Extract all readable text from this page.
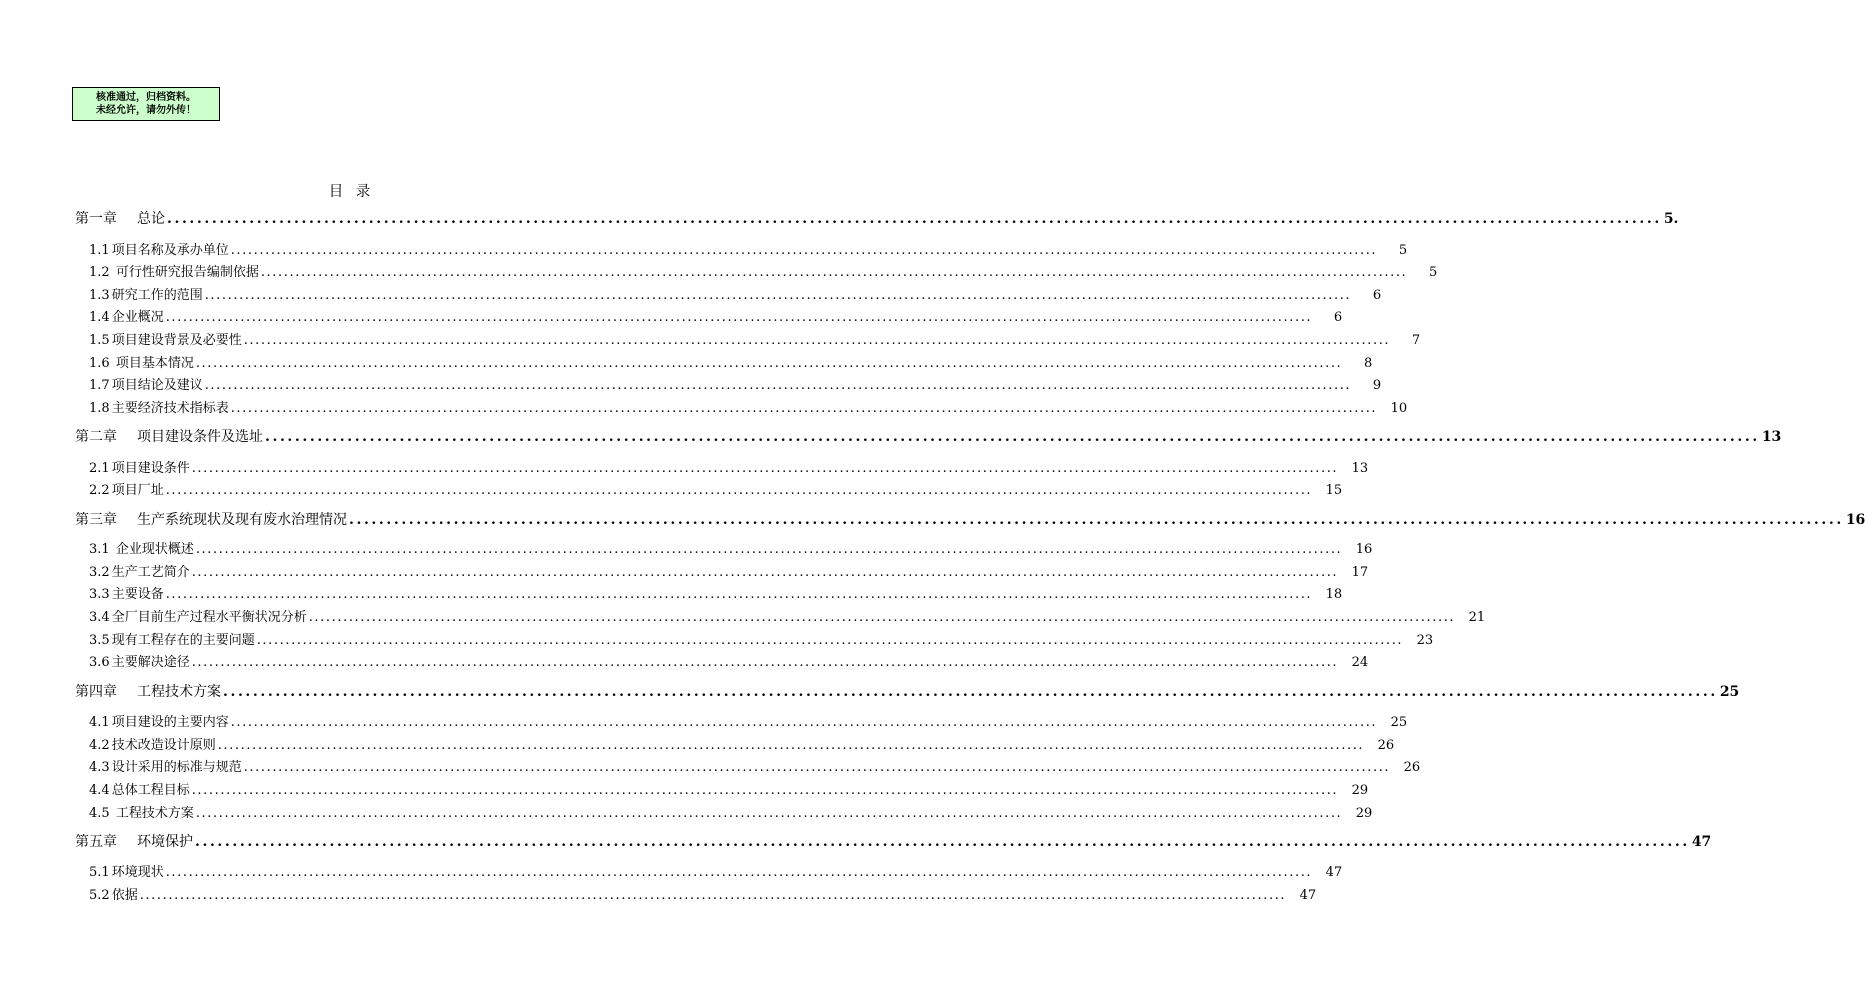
核准通过，归档资料。
未经允许，请勿外传！
目 录
第一章 总论 ........................................................................................................................................................................................................ 5.
1.1 项目名称及承办单位 ........................................................................................................................................................................................................	5
1.2 可行性研究报告编制依据 ........................................................................................................................................................................................................	5
1.3 研究工作的范围 ........................................................................................................................................................................................................	6
1.4 企业概况 ........................................................................................................................................................................................................	6
1.5 项目建设背景及必要性 ........................................................................................................................................................................................................	7
1.6 项目基本情况 ........................................................................................................................................................................................................	8
1.7 项目结论及建议 ........................................................................................................................................................................................................	9
1.8 主要经济技术指标表 ........................................................................................................................................................................................................	10
第二章 项目建设条件及选址 ........................................................................................................................................................................................................ 13
2.1 项目建设条件 ........................................................................................................................................................................................................	13
2.2 项目厂址 ........................................................................................................................................................................................................	15
第三章 生产系统现状及现有废水治理情况 ........................................................................................................................................................................................................ 16
3.1 企业现状概述 ........................................................................................................................................................................................................	16
3.2 生产工艺简介 ........................................................................................................................................................................................................	17
3.3 主要设备 ........................................................................................................................................................................................................	18
3.4 全厂目前生产过程水平衡状况分析 ........................................................................................................................................................................................................	21
3.5 现有工程存在的主要问题 ........................................................................................................................................................................................................	23
3.6 主要解决途径 ........................................................................................................................................................................................................	24
第四章 工程技术方案 ........................................................................................................................................................................................................ 25
4.1 项目建设的主要内容 ........................................................................................................................................................................................................	25
4.2 技术改造设计原则 ........................................................................................................................................................................................................	26
4.3 设计采用的标准与规范 ........................................................................................................................................................................................................	26
4.4 总体工程目标 ........................................................................................................................................................................................................	29
4.5 工程技术方案 ........................................................................................................................................................................................................	29
第五章 环境保护 ........................................................................................................................................................................................................ 47
5.1 环境现状 ........................................................................................................................................................................................................	47
5.2 依据 ........................................................................................................................................................................................................	47
